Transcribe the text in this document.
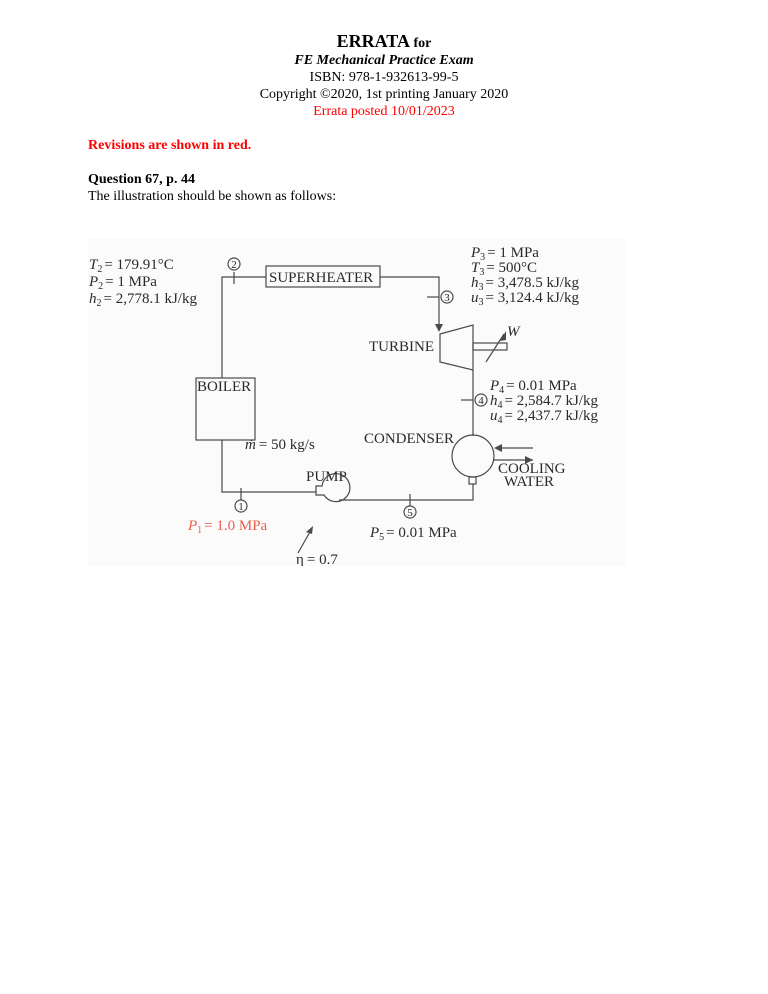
ERRATA for
FE Mechanical Practice Exam
ISBN: 978-1-932613-99-5
Copyright ©2020, 1st printing January 2020
Errata posted 10/01/2023
Revisions are shown in red.
Question 67, p. 44
The illustration should be shown as follows:
2
3
4
5
1
SUPERHEATER
BOILER
TURBINE
CONDENSER
PUMP	COOLING
WATER
W
$T_2 = 179.91^\circ C$
$P_2 = 1$ MPa
$h_2 = 2,778.1$ kJ/kg
$P_3 = 1$ MPa
$T_3 = 500^\circ C$
$h_3 = 3,478.5$ kJ/kg
$u_3 = 3,124.4$ kJ/kg
$P_4 = 0.01$ MPa
$h_4 = 2,584.7$ kJ/kg
$u_4 = 2,437.7$ kJ/kg
$P_1 = 1.0$ MPa	$P_5 = 0.01$ MPa
ṁ = 50 kg/s
η = 0.7
